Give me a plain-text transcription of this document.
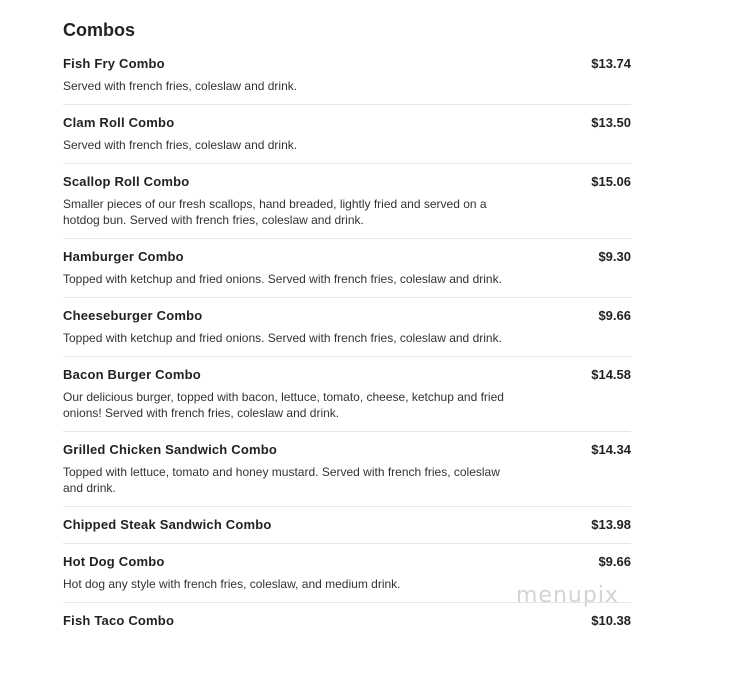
Combos
Fish Fry Combo	$13.74
Served with french fries, coleslaw and drink.
Clam Roll Combo	$13.50
Served with french fries, coleslaw and drink.
Scallop Roll Combo	$15.06
Smaller pieces of our fresh scallops, hand breaded, lightly fried and served on a hotdog bun. Served with french fries, coleslaw and drink.
Hamburger Combo	$9.30
Topped with ketchup and fried onions. Served with french fries, coleslaw and drink.
Cheeseburger Combo	$9.66
Topped with ketchup and fried onions. Served with french fries, coleslaw and drink.
Bacon Burger Combo	$14.58
Our delicious burger, topped with bacon, lettuce, tomato, cheese, ketchup and fried onions! Served with french fries, coleslaw and drink.
Grilled Chicken Sandwich Combo	$14.34
Topped with lettuce, tomato and honey mustard. Served with french fries, coleslaw and drink.
Chipped Steak Sandwich Combo	$13.98
Hot Dog Combo	$9.66
Hot dog any style with french fries, coleslaw, and medium drink.
Fish Taco Combo	$10.38
menupix
